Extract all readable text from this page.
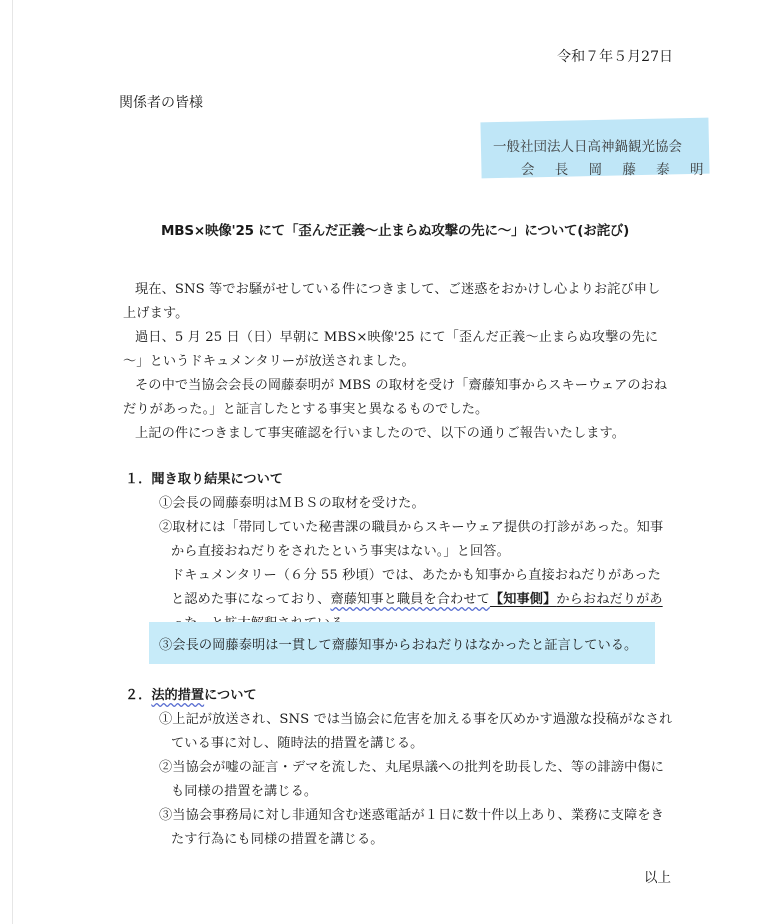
令和７年５月27日
関係者の皆様
一般社団法人日高神鍋観光協会
会 長 岡 藤 泰 明
MBS×映像'25 にて「歪んだ正義〜止まらぬ攻撃の先に〜」について(お詫び)
現在、SNS 等でお騒がせしている件につきまして、ご迷惑をおかけし心よりお詫び申し
上げます。
過日、5 月 25 日（日）早朝に MBS×映像'25 にて「歪んだ正義〜止まらぬ攻撃の先に
〜」というドキュメンタリーが放送されました。
その中で当協会会長の岡藤泰明が MBS の取材を受け「齋藤知事からスキーウェアのおね
だりがあった。」と証言したとする事実と異なるものでした。
上記の件につきまして事実確認を行いましたので、以下の通りご報告いたします。
１．聞き取り結果について
①会長の岡藤泰明はＭＢＳの取材を受けた。
②取材には「帯同していた秘書課の職員からスキーウェア提供の打診があった。知事
から直接おねだりをされたという事実はない。」と回答。
ドキュメンタリー（６分 55 秒頃）では、あたかも知事から直接おねだりがあった
と認めた事になっており、齋藤知事と職員を合わせて【知事側】からおねだりがあ
③会長の岡藤泰明は一貫して齋藤知事からおねだりはなかったと証言している。
２．法的措置について
①上記が放送され、SNS では当協会に危害を加える事を仄めかす過激な投稿がなされ
ている事に対し、随時法的措置を講じる。
②当協会が嘘の証言・デマを流した、丸尾県議への批判を助長した、等の誹謗中傷に
も同様の措置を講じる。
③当協会事務局に対し非通知含む迷惑電話が１日に数十件以上あり、業務に支障をき
たす行為にも同様の措置を講じる。
以上
